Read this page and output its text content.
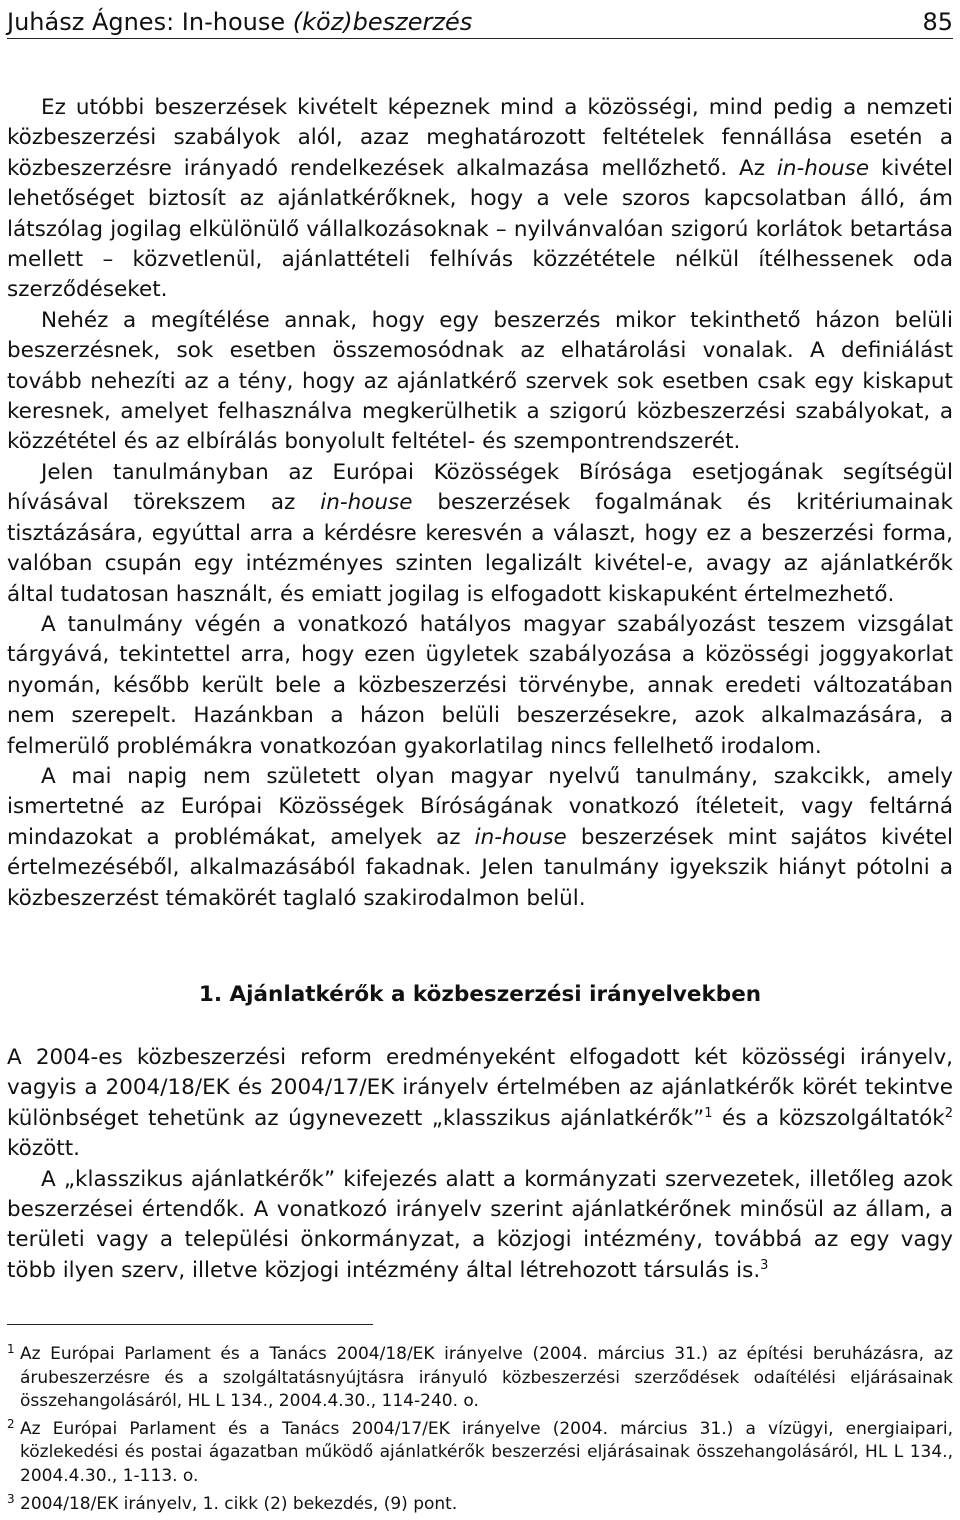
Juhász Ágnes: In-house (köz)beszerzés	85

Ez utóbbi beszerzések kivételt képeznek mind a közösségi, mind pedig a nemzeti közbeszerzési szabályok alól, azaz meghatározott feltételek fennállása esetén a közbeszerzésre irányadó rendelkezések alkalmazása mellőzhető. Az in-house kivétel lehetőséget biztosít az ajánlatkérőknek, hogy a vele szoros kapcsolatban álló, ám látszólag jogilag elkülönülő vállalkozásoknak – nyilvánvalóan szigorú korlátok betartása mellett – közvetlenül, ajánlattételi felhívás közzététele nélkül ítélhessenek oda szerződéseket.

Nehéz a megítélése annak, hogy egy beszerzés mikor tekinthető házon belüli beszerzésnek, sok esetben összemosódnak az elhatárolási vonalak. A definiálást tovább nehezíti az a tény, hogy az ajánlatkérő szervek sok esetben csak egy kiskaput keresnek, amelyet felhasználva megkerülhetik a szigorú közbeszerzési szabályokat, a közzététel és az elbírálás bonyolult feltétel- és szempontrendszerét.

Jelen tanulmányban az Európai Közösségek Bírósága esetjogának segítségül hívásával törekszem az in-house beszerzések fogalmának és kritériumainak tisztázására, egyúttal arra a kérdésre keresvén a választ, hogy ez a beszerzési forma, valóban csupán egy intézményes szinten legalizált kivétel-e, avagy az ajánlatkérők által tudatosan használt, és emiatt jogilag is elfogadott kiskapuként értelmezhető.

A tanulmány végén a vonatkozó hatályos magyar szabályozást teszem vizsgálat tárgyává, tekintettel arra, hogy ezen ügyletek szabályozása a közösségi joggyakorlat nyomán, később került bele a közbeszerzési törvénybe, annak eredeti változatában nem szerepelt. Hazánkban a házon belüli beszerzésekre, azok alkalmazására, a felmerülő problémákra vonatkozóan gyakorlatilag nincs fellelhető irodalom.

A mai napig nem született olyan magyar nyelvű tanulmány, szakcikk, amely ismertetné az Európai Közösségek Bíróságának vonatkozó ítéleteit, vagy feltárná mindazokat a problémákat, amelyek az in-house beszerzések mint sajátos kivétel értelmezéséből, alkalmazásából fakadnak. Jelen tanulmány igyekszik hiányt pótolni a közbeszerzést témakörét taglaló szakirodalmon belül.

1. Ajánlatkérők a közbeszerzési irányelvekben

A 2004-es közbeszerzési reform eredményeként elfogadott két közösségi irányelv, vagyis a 2004/18/EK és 2004/17/EK irányelv értelmében az ajánlatkérők körét tekintve különbséget tehetünk az úgynevezett „klasszikus ajánlatkérők”$^1$ és a közszolgáltatók$^2$ között.

A „klasszikus ajánlatkérők” kifejezés alatt a kormányzati szervezetek, illetőleg azok beszerzései értendők. A vonatkozó irányelv szerint ajánlatkérőnek minősül az állam, a területi vagy a települési önkormányzat, a közjogi intézmény, továbbá az egy vagy több ilyen szerv, illetve közjogi intézmény által létrehozott társulás is.$^3$

1 Az Európai Parlament és a Tanács 2004/18/EK irányelve (2004. március 31.) az építési beruházásra, az árubeszerzésre és a szolgáltatásnyújtásra irányuló közbeszerzési szerződések odaítélési eljárásainak összehangolásáról, HL L 134., 2004.4.30., 114-240. o.
2 Az Európai Parlament és a Tanács 2004/17/EK irányelve (2004. március 31.) a vízügyi, energiaipari, közlekedési és postai ágazatban működő ajánlatkérők beszerzési eljárásainak összehangolásáról, HL L 134., 2004.4.30., 1-113. o.
3 2004/18/EK irányelv, 1. cikk (2) bekezdés, (9) pont.
